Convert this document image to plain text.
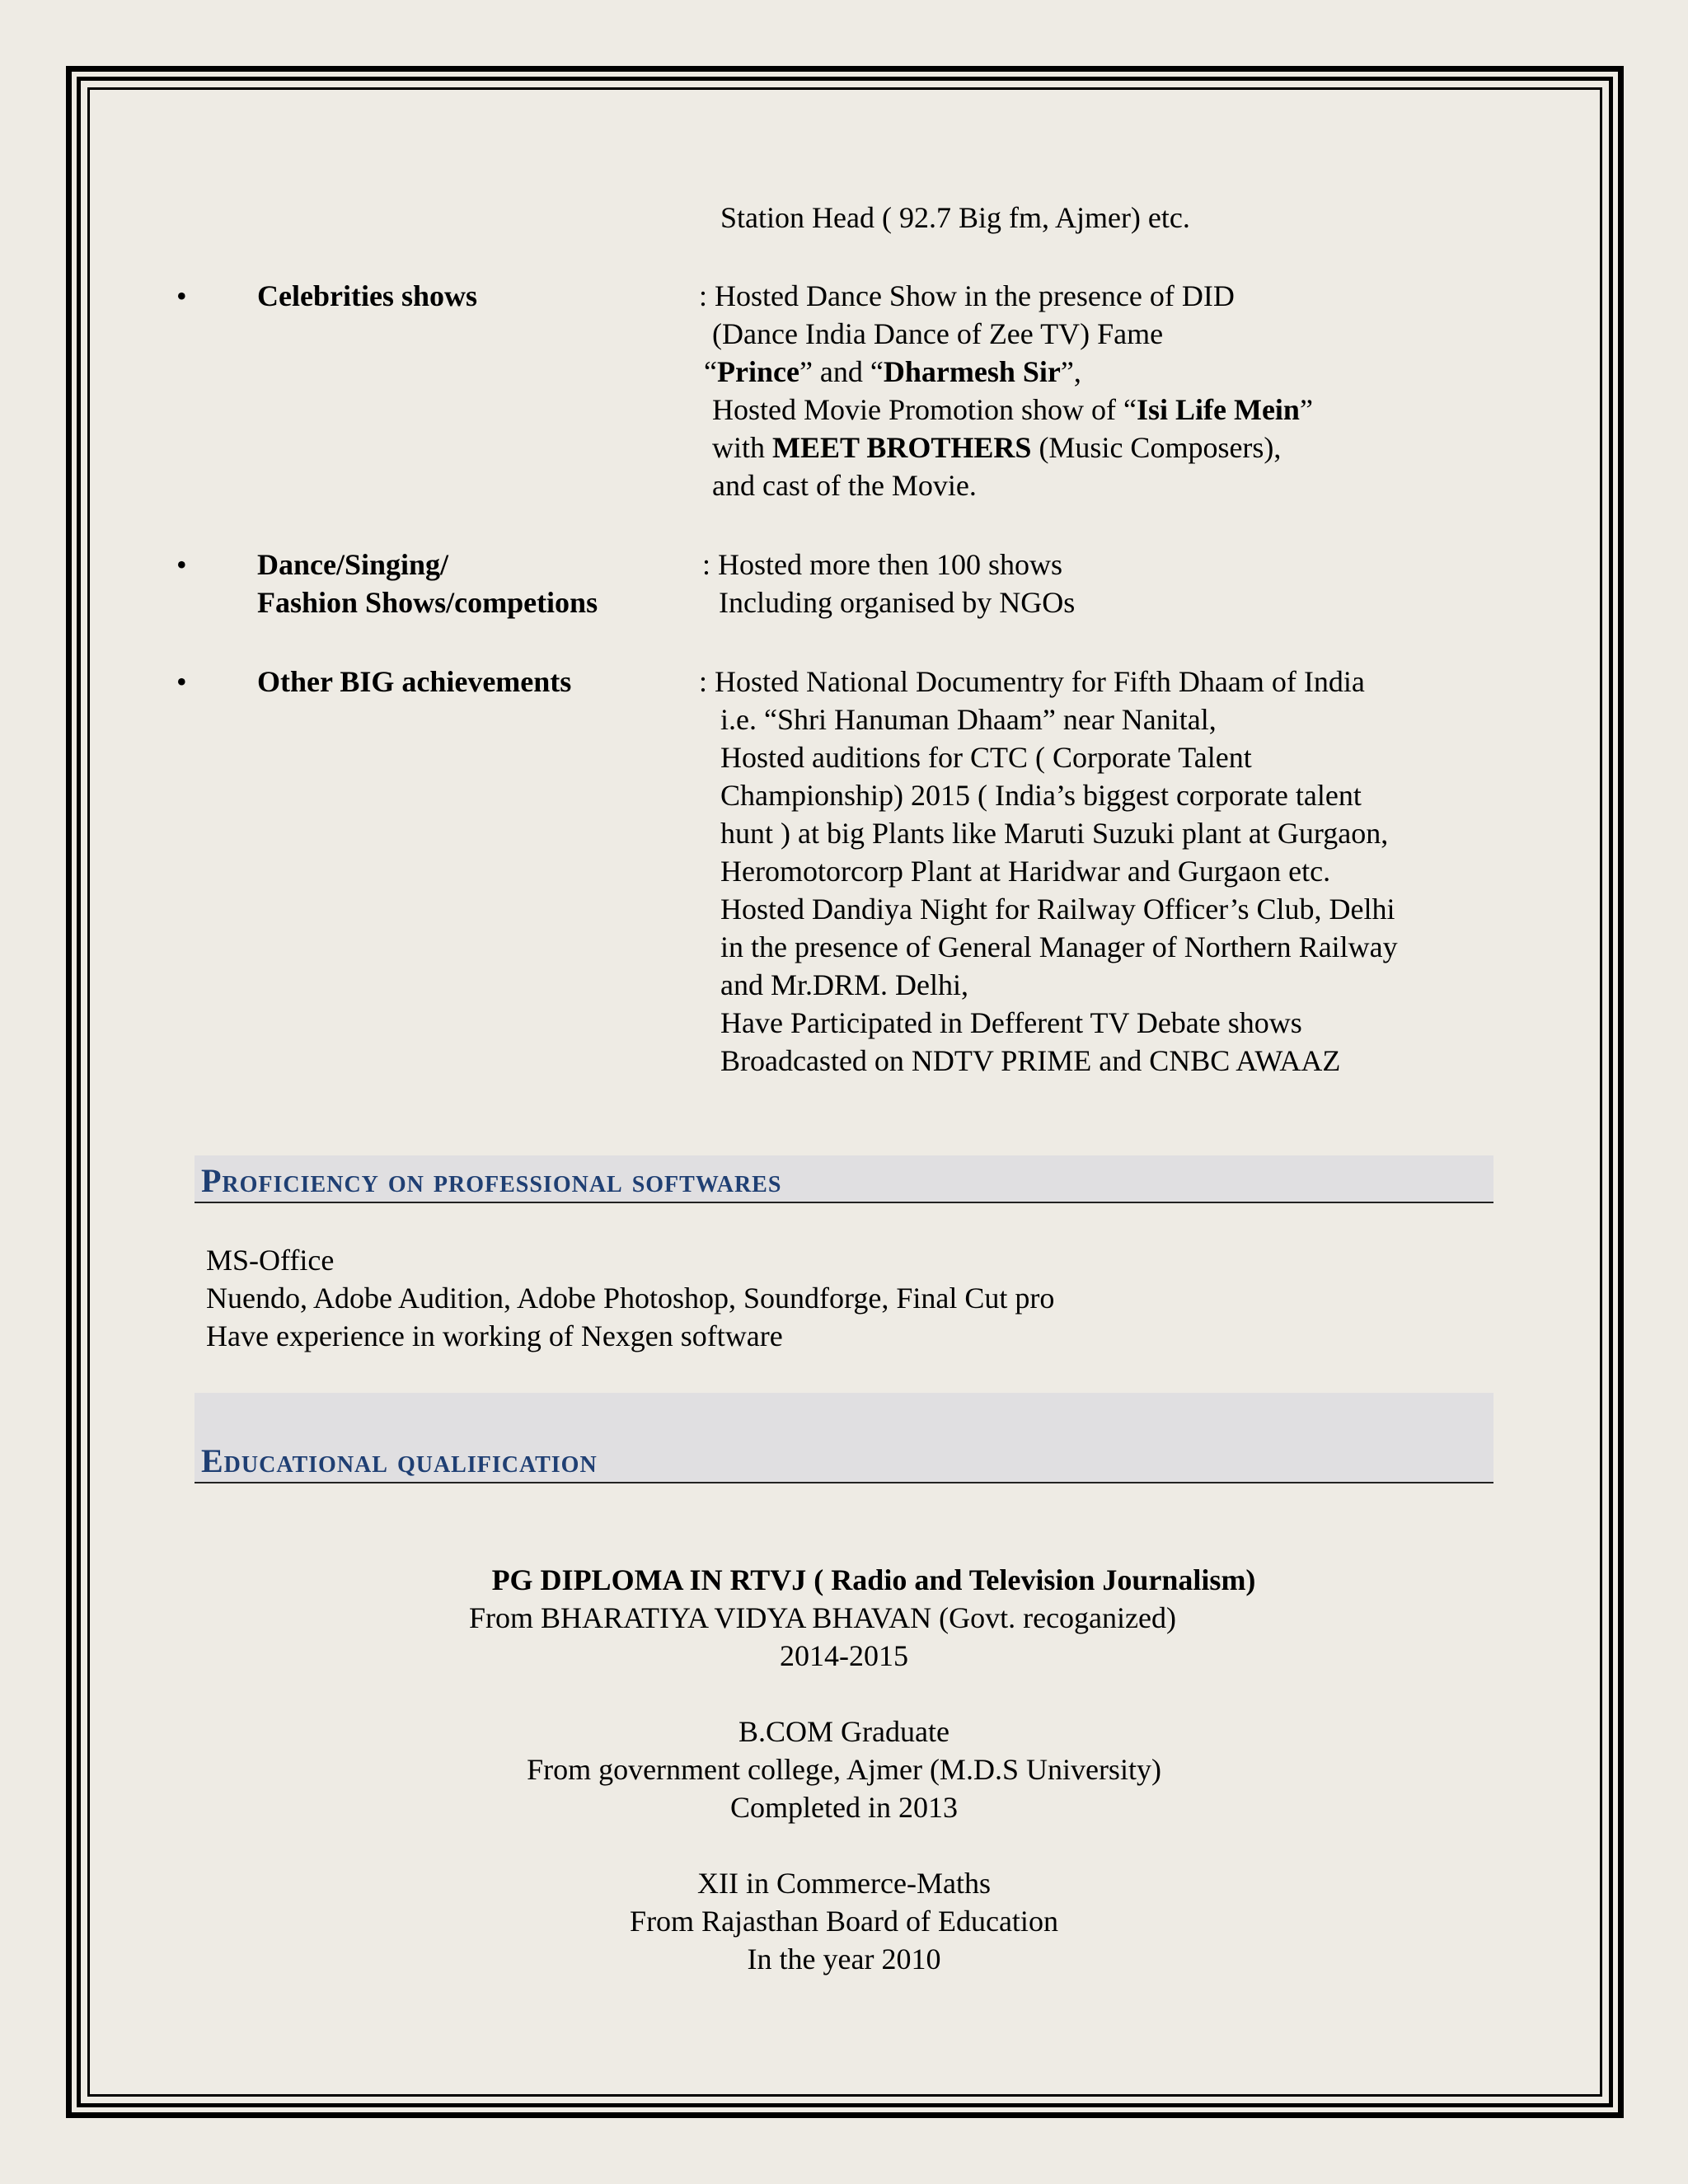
Station Head ( 92.7 Big fm, Ajmer) etc.
• Celebrities shows	: Hosted Dance Show in the presence of DID
(Dance India Dance of Zee TV) Fame
“Prince” and “Dharmesh Sir”,
Hosted Movie Promotion show of “Isi Life Mein”
with MEET BROTHERS (Music Composers),
and cast of the Movie.
• Dance/Singing/
Fashion Shows/competions
: Hosted more then 100 shows
Including organised by NGOs
• Other BIG achievements	: Hosted National Documentry for Fifth Dhaam of India
i.e. “Shri Hanuman Dhaam” near Nanital,
Hosted auditions for CTC ( Corporate Talent
Championship) 2015 ( India’s biggest corporate talent
hunt ) at big Plants like Maruti Suzuki plant at Gurgaon,
Heromotorcorp Plant at Haridwar and Gurgaon etc.
Hosted Dandiya Night for Railway Officer’s Club, Delhi
in the presence of General Manager of Northern Railway
and Mr.DRM. Delhi,
Have Participated in Defferent TV Debate shows
Broadcasted on NDTV PRIME and CNBC AWAAZ
Proficiency on professional softwares
MS-Office
Nuendo, Adobe Audition, Adobe Photoshop, Soundforge, Final Cut pro
Have experience in working of Nexgen software
Educational qualification
PG DIPLOMA IN RTVJ ( Radio and Television Journalism)
From BHARATIYA VIDYA BHAVAN (Govt. recoganized)
2014-2015
B.COM Graduate
From government college, Ajmer (M.D.S University)
Completed in 2013
XII in Commerce-Maths
From Rajasthan Board of Education
In the year 2010
